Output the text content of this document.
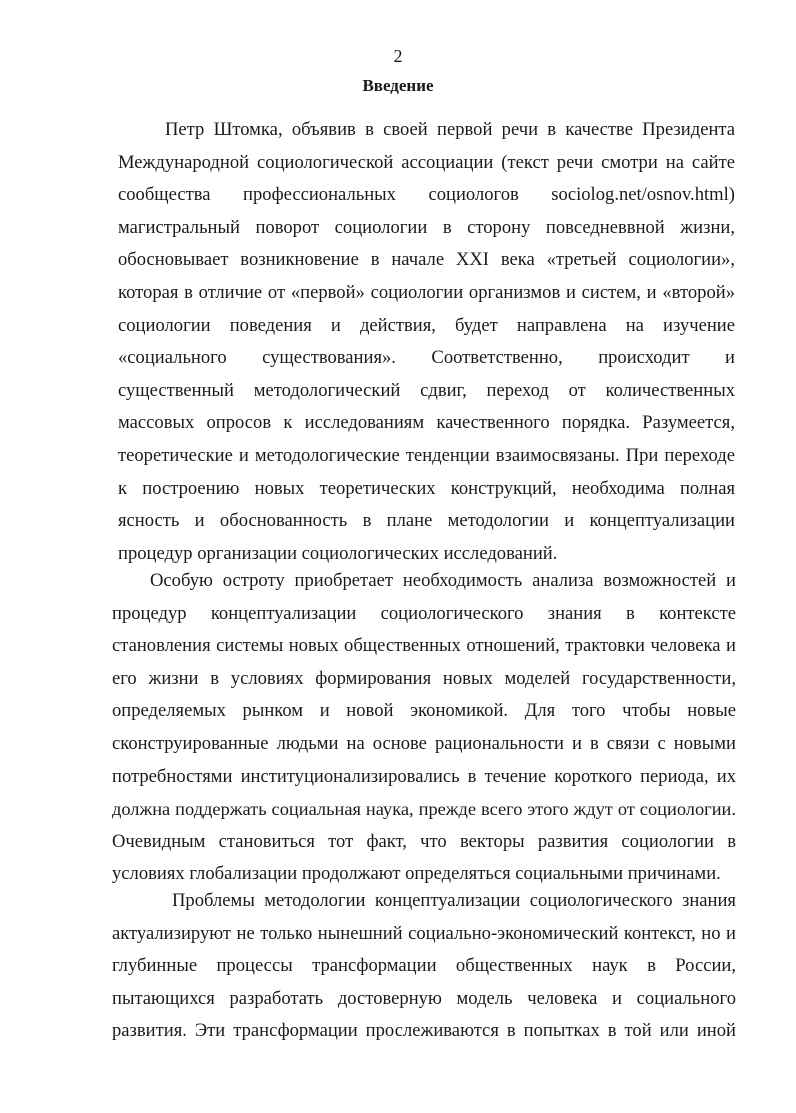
2
Введение
Петр Штомка, объявив в своей первой речи в качестве Президента
Международной социологической ассоциации (текст речи смотри на сайте
сообщества профессиональных социологов sociolog.net/osnov.html)
магистральный поворот социологии в сторону повседневвной жизни,
обосновывает возникновение в начале XXI века «третьей социологии»,
которая в отличие от «первой» социологии организмов и систем, и «второй»
социологии поведения и действия, будет направлена на изучение
«социального существования». Соответственно, происходит и
существенный методологический сдвиг, переход от количественных
массовых опросов к исследованиям качественного порядка. Разумеется,
теоретические и методологические тенденции взаимосвязаны. При переходе
к построению новых теоретических конструкций, необходима полная
ясность и обоснованность в плане методологии и концептуализации
процедур организации социологических исследований.
Особую остроту приобретает необходимость анализа возможностей и
процедур концептуализации социологического знания в контексте
становления системы новых общественных отношений, трактовки человека и
его жизни в условиях формирования новых моделей государственности,
определяемых рынком и новой экономикой. Для того чтобы новые
сконструированные людьми на основе рациональности и в связи с новыми
потребностями институционализировались в течение короткого периода, их
должна поддержать социальная наука, прежде всего этого ждут от социологии.
Очевидным становиться тот факт, что векторы развития социологии в
условиях глобализации продолжают определяться социальными причинами.
Проблемы методологии концептуализации социологического знания
актуализируют не только нынешний социально-экономический контекст, но и
глубинные процессы трансформации общественных наук в России,
пытающихся разработать достоверную модель человека и социального
развития. Эти трансформации прослеживаются в попытках в той или иной
